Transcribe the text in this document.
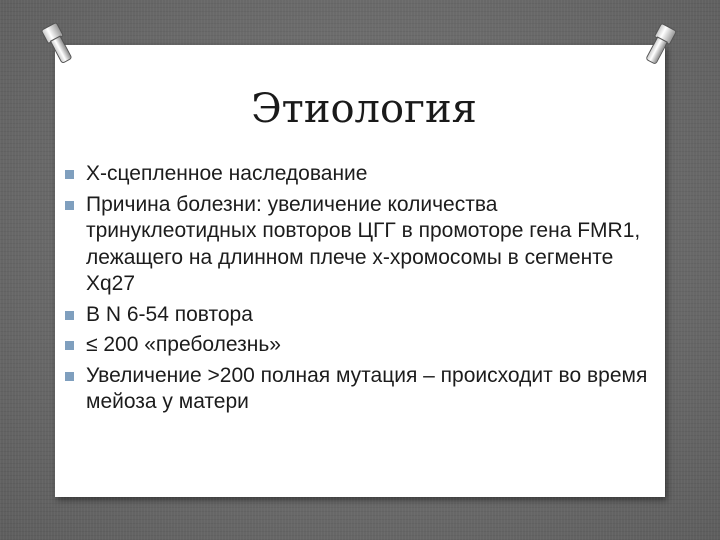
Этиология
Х-сцепленное наследование
Причина болезни: увеличение количества тринуклеотидных повторов ЦГГ в промоторе гена FMR1, лежащего на длинном плече х-хромосомы в сегменте Xq27
В N 6-54 повтора
≤ 200 «преболезнь»
Увеличение >200 полная мутация – происходит во время мейоза у матери
